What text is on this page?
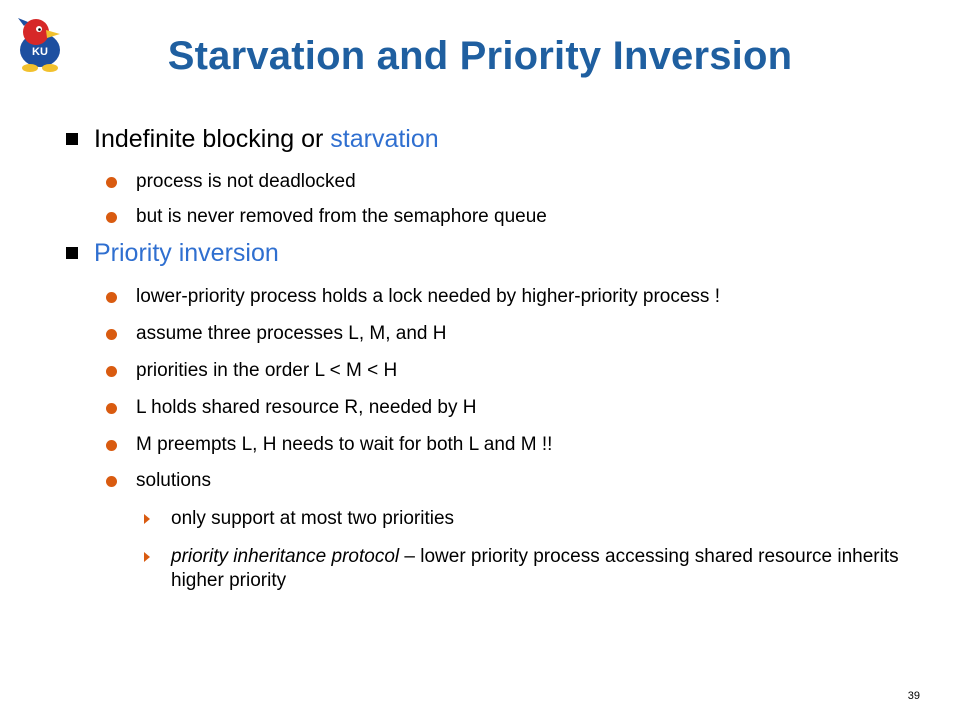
KU	Starvation and Priority Inversion
Indefinite blocking or starvation
process is not deadlocked
but is never removed from the semaphore queue
Priority inversion
lower-priority process holds a lock needed by higher-priority process !
assume three processes L, M, and H
priorities in the order L < M < H
L holds shared resource R, needed by H
M preempts L, H needs to wait for both L and M !!
solutions
only support at most two priorities
priority inheritance protocol – lower priority process accessing shared resource inherits higher priority
39
